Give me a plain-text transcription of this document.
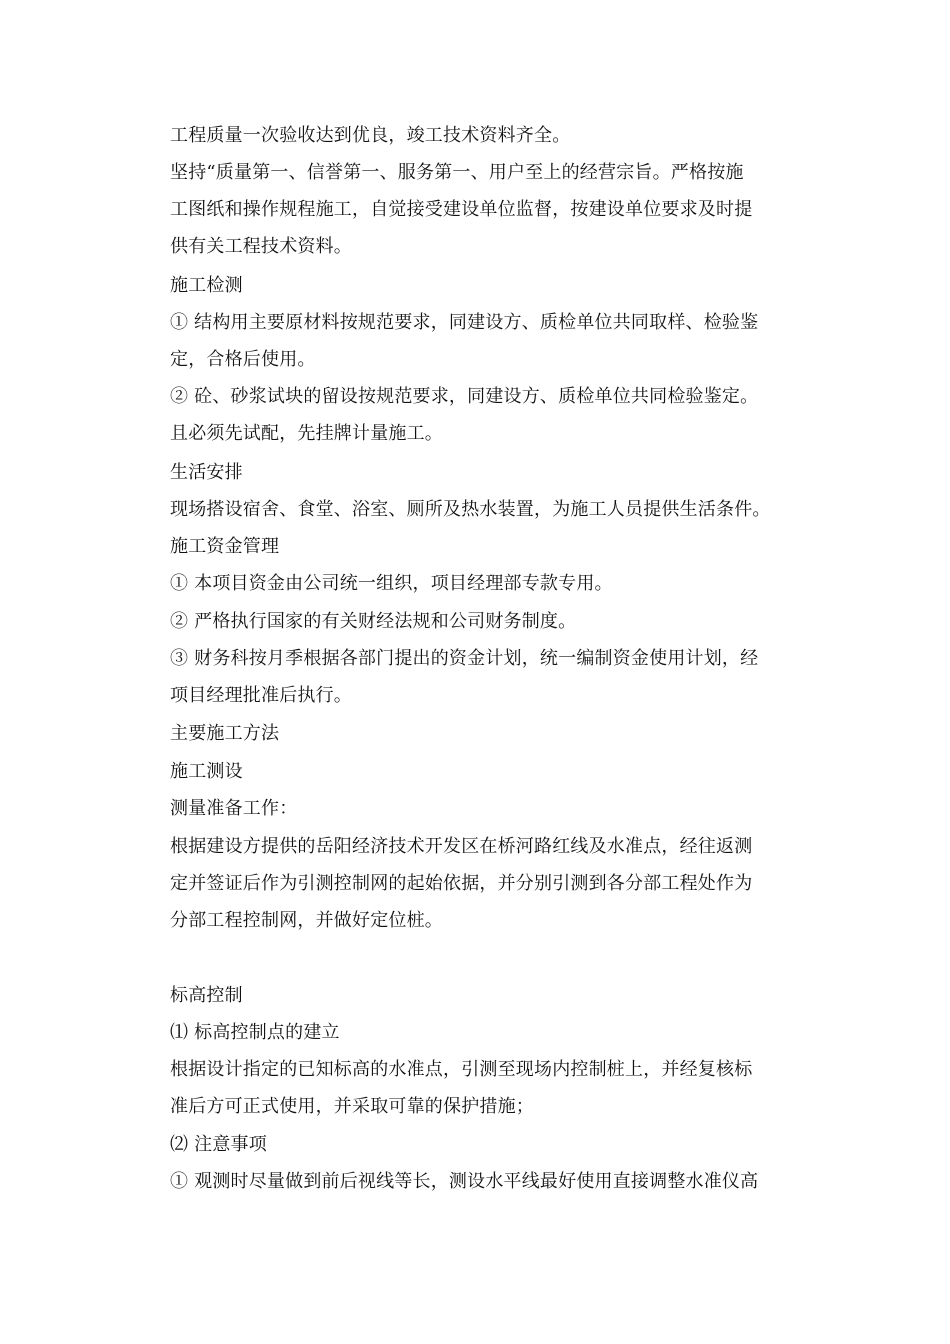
工程质量一次验收达到优良，竣工技术资料齐全。
坚持“质量第一、信誉第一、服务第一、用户至上的经营宗旨。严格按施
工图纸和操作规程施工，自觉接受建设单位监督，按建设单位要求及时提
供有关工程技术资料。
施工检测
① 结构用主要原材料按规范要求，同建设方、质检单位共同取样、检验鉴
定，合格后使用。
② 砼、砂浆试块的留设按规范要求，同建设方、质检单位共同检验鉴定。
且必须先试配，先挂牌计量施工。
生活安排
现场搭设宿舍、食堂、浴室、厕所及热水装置，为施工人员提供生活条件。
施工资金管理
① 本项目资金由公司统一组织，项目经理部专款专用。
② 严格执行国家的有关财经法规和公司财务制度。
③ 财务科按月季根据各部门提出的资金计划，统一编制资金使用计划，经
项目经理批准后执行。
主要施工方法
施工测设
测量准备工作：
根据建设方提供的岳阳经济技术开发区在桥河路红线及水准点，经往返测
定并签证后作为引测控制网的起始依据，并分别引测到各分部工程处作为
分部工程控制网，并做好定位桩。
标高控制
⑴ 标高控制点的建立
根据设计指定的已知标高的水准点，引测至现场内控制桩上，并经复核标
准后方可正式使用，并采取可靠的保护措施；
⑵ 注意事项
① 观测时尽量做到前后视线等长，测设水平线最好使用直接调整水准仪高
